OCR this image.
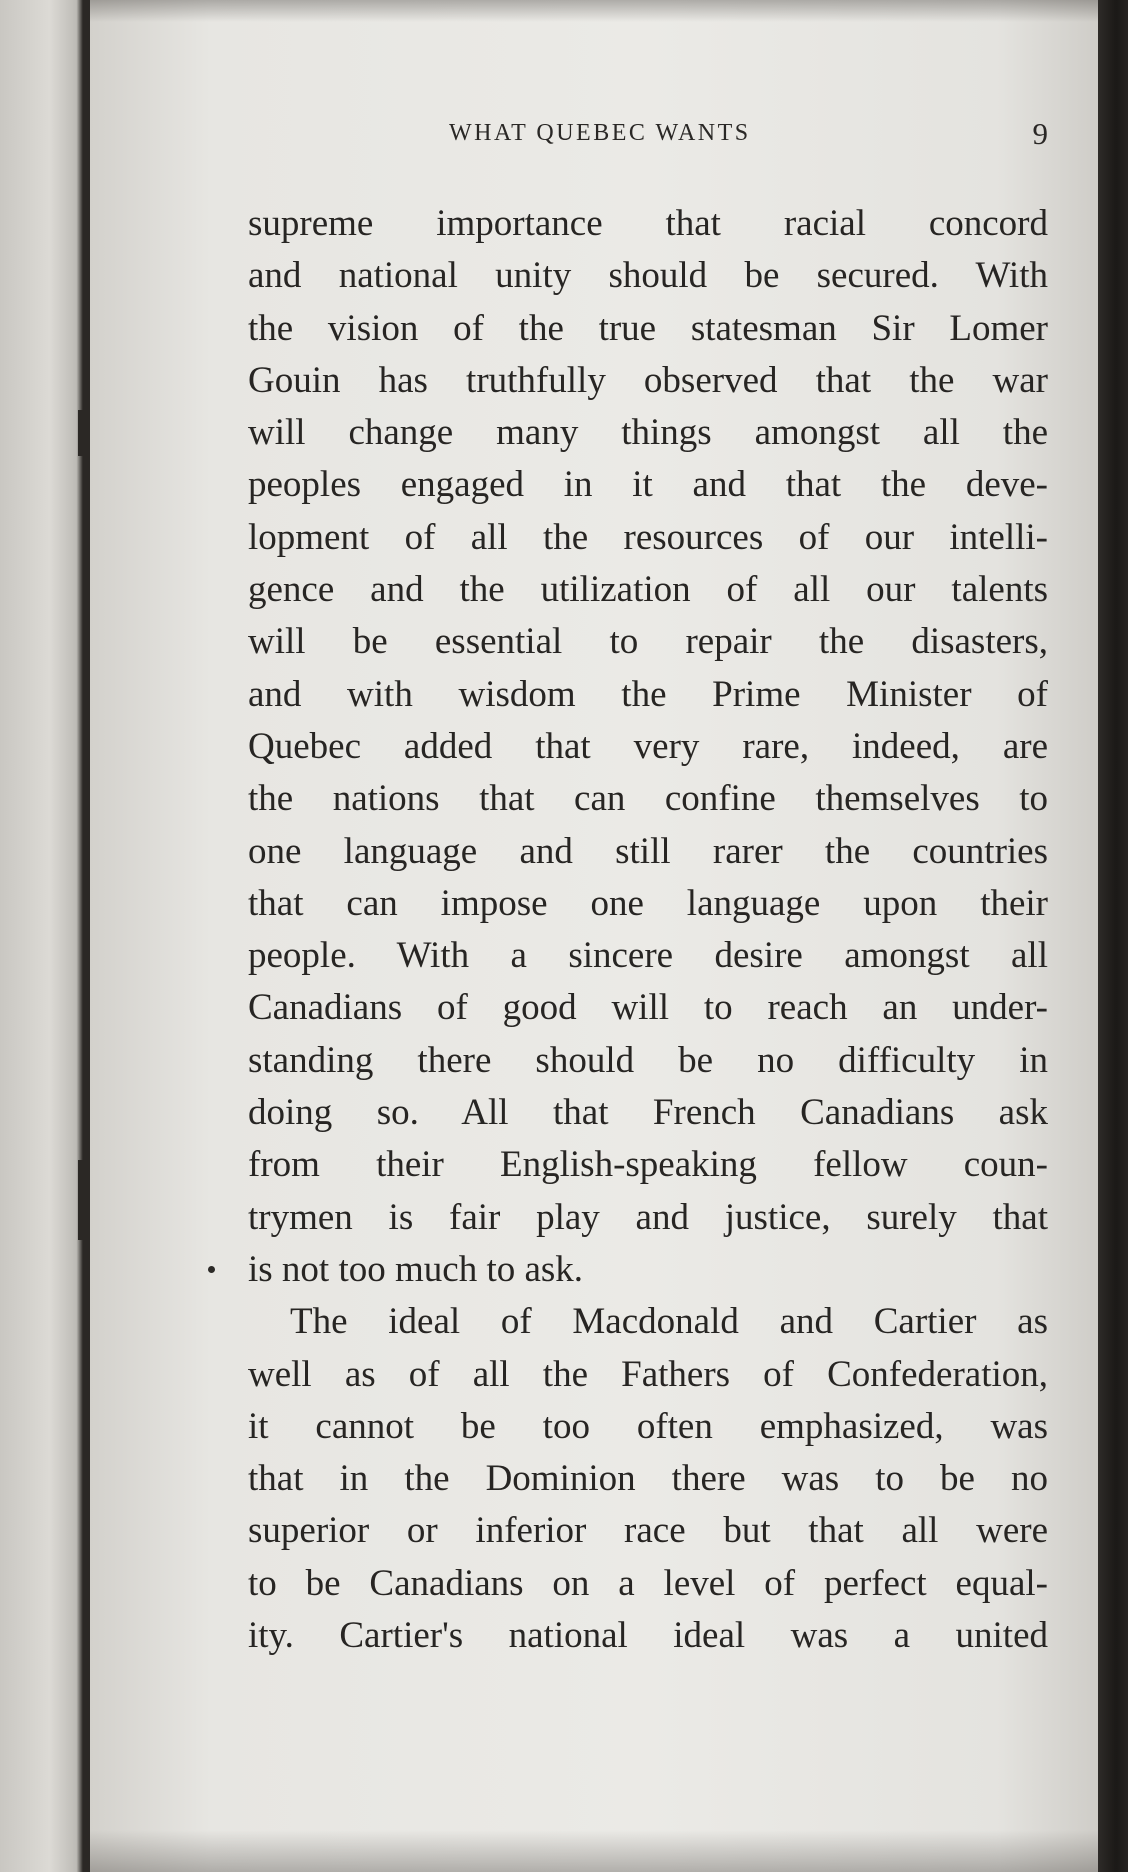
WHAT QUEBEC WANTS	9
supreme importance that racial concord
and national unity should be secured. With
the vision of the true statesman Sir Lomer
Gouin has truthfully observed that the war
will change many things amongst all the
peoples engaged in it and that the deve-
lopment of all the resources of our intelli-
gence and the utilization of all our talents
will be essential to repair the disasters,
and with wisdom the Prime Minister of
Quebec added that very rare, indeed, are
the nations that can confine themselves to
one language and still rarer the countries
that can impose one language upon their
people. With a sincere desire amongst all
Canadians of good will to reach an under-
standing there should be no difficulty in
doing so. All that French Canadians ask
from their English-speaking fellow coun-
trymen is fair play and justice, surely that
is not too much to ask.
The ideal of Macdonald and Cartier as
well as of all the Fathers of Confederation,
it cannot be too often emphasized, was
that in the Dominion there was to be no
superior or inferior race but that all were
to be Canadians on a level of perfect equal-
ity. Cartier's national ideal was a united
